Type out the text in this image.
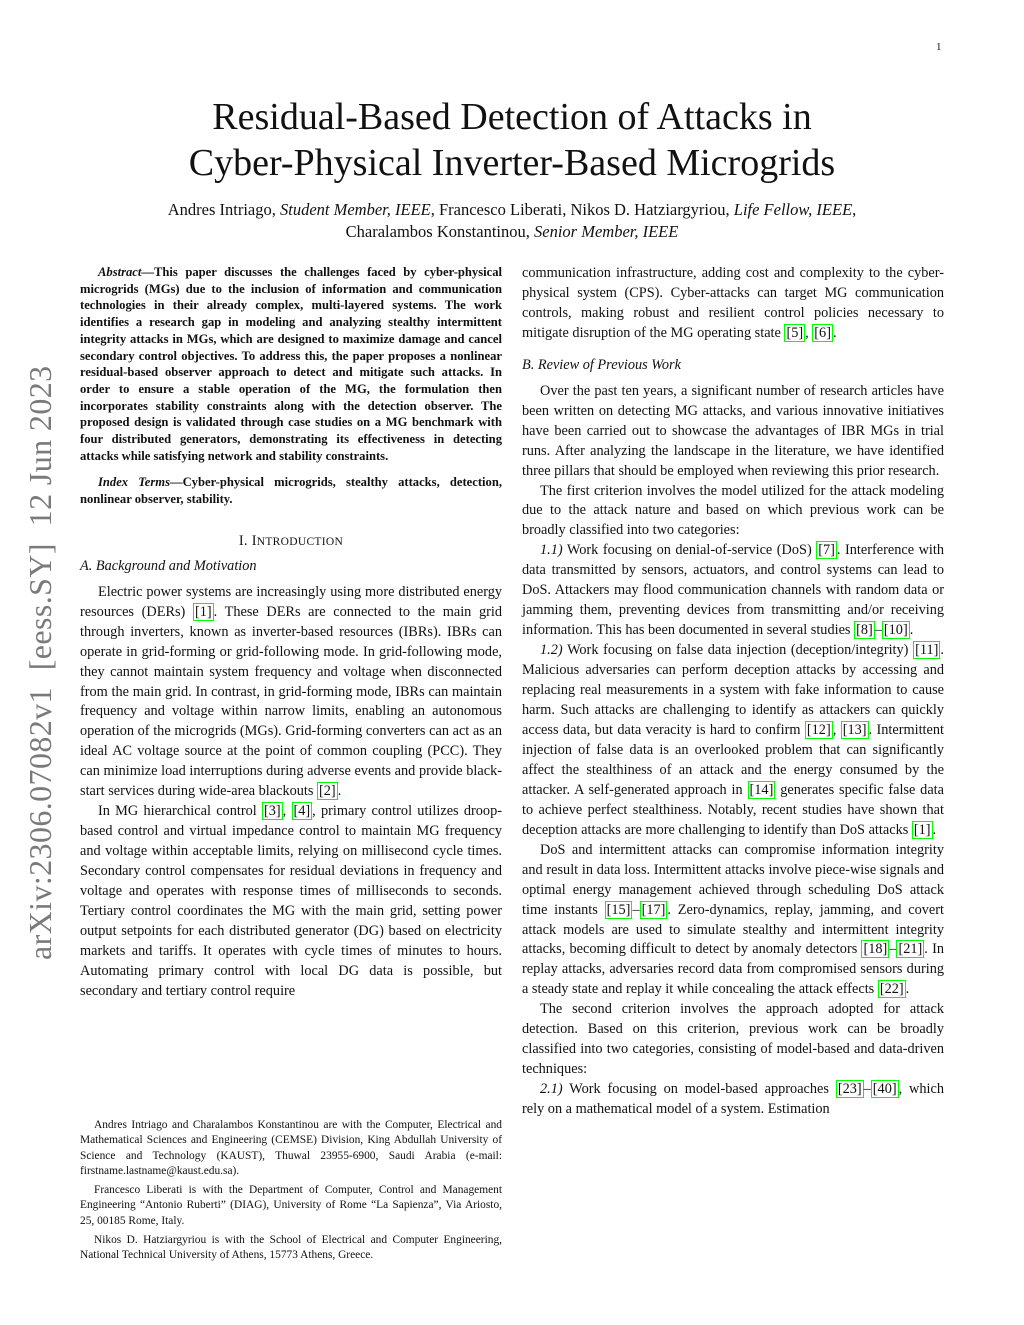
1
arXiv:2306.07082v1  [eess.SY]  12 Jun 2023
Residual-Based Detection of Attacks in
Cyber-Physical Inverter-Based Microgrids
Andres Intriago, Student Member, IEEE, Francesco Liberati, Nikos D. Hatziargyriou, Life Fellow, IEEE,
Charalambos Konstantinou, Senior Member, IEEE

Abstract—This paper discusses the challenges faced by cyber-physical microgrids (MGs) due to the inclusion of information and communication technologies in their already complex, multi-layered systems. The work identifies a research gap in modeling and analyzing stealthy intermittent integrity attacks in MGs, which are designed to maximize damage and cancel secondary control objectives. To address this, the paper proposes a nonlinear residual-based observer approach to detect and mitigate such attacks. In order to ensure a stable operation of the MG, the formulation then incorporates stability constraints along with the detection observer. The proposed design is validated through case studies on a MG benchmark with four distributed generators, demonstrating its effectiveness in detecting attacks while satisfying network and stability constraints.

Index Terms—Cyber-physical microgrids, stealthy attacks, detection, nonlinear observer, stability.

I. INTRODUCTION
A. Background and Motivation

Electric power systems are increasingly using more distributed energy resources (DERs) [1] . These DERs are connected to the main grid through inverters, known as inverter-based resources (IBRs). IBRs can operate in grid-forming or grid-following mode. In grid-following mode, they cannot maintain system frequency and voltage when disconnected from the main grid. In contrast, in grid-forming mode, IBRs can maintain frequency and voltage within narrow limits, enabling an autonomous operation of the microgrids (MGs). Grid-forming converters can act as an ideal AC voltage source at the point of common coupling (PCC). They can minimize load interruptions during adverse events and provide black-start services during wide-area blackouts [2] .

In MG hierarchical control [3] , [4] , primary control utilizes droop-based control and virtual impedance control to maintain MG frequency and voltage within acceptable limits, relying on millisecond cycle times. Secondary control compensates for residual deviations in frequency and voltage and operates with response times of milliseconds to seconds. Tertiary control coordinates the MG with the main grid, setting power output setpoints for each distributed generator (DG) based on electricity markets and tariffs. It operates with cycle times of minutes to hours. Automating primary control with local DG data is possible, but secondary and tertiary control require

Andres Intriago and Charalambos Konstantinou are with the Computer, Electrical and Mathematical Sciences and Engineering (CEMSE) Division, King Abdullah University of Science and Technology (KAUST), Thuwal 23955-6900, Saudi Arabia (e-mail: firstname.lastname@kaust.edu.sa).

Francesco Liberati is with the Department of Computer, Control and Management Engineering “Antonio Ruberti” (DIAG), University of Rome “La Sapienza”, Via Ariosto, 25, 00185 Rome, Italy.

Nikos D. Hatziargyriou is with the School of Electrical and Computer Engineering, National Technical University of Athens, 15773 Athens, Greece.

communication infrastructure, adding cost and complexity to the cyber-physical system (CPS). Cyber-attacks can target MG communication controls, making robust and resilient control policies necessary to mitigate disruption of the MG operating state [5] , [6] .

B. Review of Previous Work

Over the past ten years, a significant number of research articles have been written on detecting MG attacks, and various innovative initiatives have been carried out to showcase the advantages of IBR MGs in trial runs. After analyzing the landscape in the literature, we have identified three pillars that should be employed when reviewing this prior research.

The first criterion involves the model utilized for the attack modeling due to the attack nature and based on which previous work can be broadly classified into two categories:

1.1) Work focusing on denial-of-service (DoS) [7] . Interference with data transmitted by sensors, actuators, and control systems can lead to DoS. Attackers may flood communication channels with random data or jamming them, preventing devices from transmitting and/or receiving information. This has been documented in several studies [8] – [10] .

1.2) Work focusing on false data injection (deception/integrity) [11] . Malicious adversaries can perform deception attacks by accessing and replacing real measurements in a system with fake information to cause harm. Such attacks are challenging to identify as attackers can quickly access data, but data veracity is hard to confirm [12] , [13] . Intermittent injection of false data is an overlooked problem that can significantly affect the stealthiness of an attack and the energy consumed by the attacker. A self-generated approach in [14] generates specific false data to achieve perfect stealthiness. Notably, recent studies have shown that deception attacks are more challenging to identify than DoS attacks [1] .

DoS and intermittent attacks can compromise information integrity and result in data loss. Intermittent attacks involve piece-wise signals and optimal energy management achieved through scheduling DoS attack time instants [15] – [17] . Zero-dynamics, replay, jamming, and covert attack models are used to simulate stealthy and intermittent integrity attacks, becoming difficult to detect by anomaly detectors [18] – [21] . In replay attacks, adversaries record data from compromised sensors during a steady state and replay it while concealing the attack effects [22] .

The second criterion involves the approach adopted for attack detection. Based on this criterion, previous work can be broadly classified into two categories, consisting of model-based and data-driven techniques:

2.1) Work focusing on model-based approaches [23] – [40] , which rely on a mathematical model of a system. Estimation
